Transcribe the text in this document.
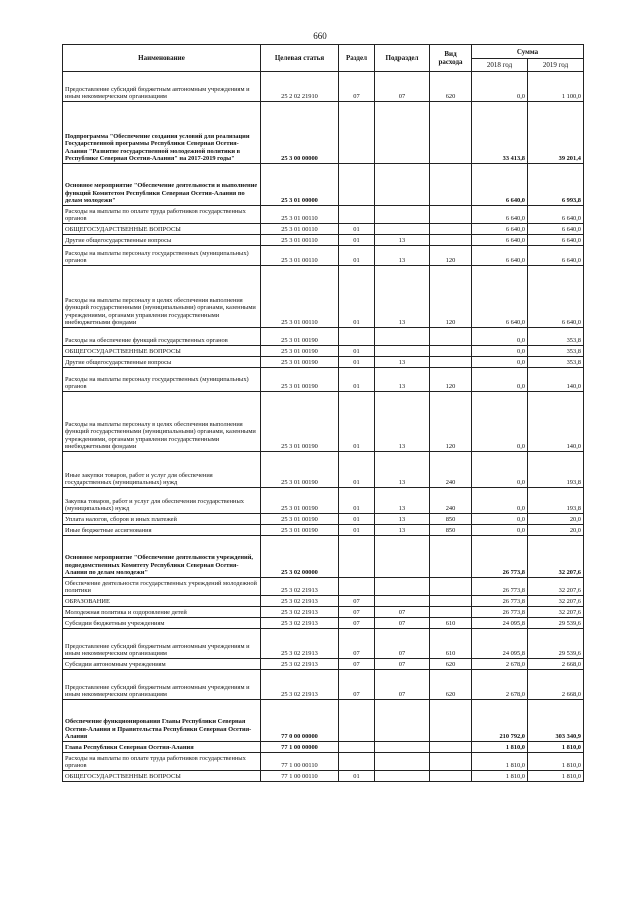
660
Наименование	Целевая статья	Раздел	Подраздел	Вид расхода	Сумма	
					2018 год	2019 год
Предоставление субсидий бюджетным автономным учреждениям и иным некоммерческим организациям	25 2 02 21910	07	07	620	0,0	1 100,0
Подпрограмма "Обеспечение создания условий для реализации Государственной программы Республики Северная Осетия-Алания "Развитие государственной молодежной политики в Республике Северная Осетия-Алания" на 2017-2019 годы"	25 3 00 00000				33 413,8	39 201,4
Основное мероприятие "Обеспечение деятельности и выполнение функций Комитетом Республики Северная Осетия-Алания по делам молодежи"	25 3 01 00000				6 640,0	6 993,8
Расходы на выплаты по оплате труда работников государственных органов	25 3 01 00110				6 640,0	6 640,0
ОБЩЕГОСУДАРСТВЕННЫЕ ВОПРОСЫ	25 3 01 00110	01			6 640,0	6 640,0
Другие общегосударственные вопросы	25 3 01 00110	01	13		6 640,0	6 640,0
Расходы на выплаты персоналу государственных (муниципальных) органов	25 3 01 00110	01	13	120	6 640,0	6 640,0
Расходы на выплаты персоналу в целях обеспечения выполнения функций государственными (муниципальными) органами, казенными учреждениями, органами управления государственными внебюджетными фондами	25 3 01 00110	01	13	120	6 640,0	6 640,0
Расходы на обеспечение функций государственных органов	25 3 01 00190				0,0	353,8
ОБЩЕГОСУДАРСТВЕННЫЕ ВОПРОСЫ	25 3 01 00190	01			0,0	353,8
Другие общегосударственные вопросы	25 3 01 00190	01	13		0,0	353,8
Расходы на выплаты персоналу государственных (муниципальных) органов	25 3 01 00190	01	13	120	0,0	140,0
Расходы на выплаты персоналу в целях обеспечения выполнения функций государственными (муниципальными) органами, казенными учреждениями, органами управления государственными внебюджетными фондами	25 3 01 00190	01	13	120	0,0	140,0
Иные закупки товаров, работ и услуг для обеспечения государственных (муниципальных) нужд	25 3 01 00190	01	13	240	0,0	193,8
Закупка товаров, работ и услуг для обеспечения государственных (муниципальных) нужд	25 3 01 00190	01	13	240	0,0	193,8
Уплата налогов, сборов и иных платежей	25 3 01 00190	01	13	850	0,0	20,0
Иные бюджетные ассигнования	25 3 01 00190	01	13	850	0,0	20,0
Основное мероприятие "Обеспечение деятельности учреждений, подведомственных Комитету Республики Северная Осетия-Алания по делам молодежи"	25 3 02 00000				26 773,8	32 207,6
Обеспечение деятельности государственных учреждений молодежной политики	25 3 02 21913				26 773,8	32 207,6
ОБРАЗОВАНИЕ	25 3 02 21913	07			26 773,8	32 207,6
Молодежная политика и оздоровление детей	25 3 02 21913	07	07		26 773,8	32 207,6
Субсидии бюджетным учреждениям	25 3 02 21913	07	07	610	24 095,8	29 539,6
Предоставление субсидий бюджетным автономным учреждениям и иным некоммерческим организациям	25 3 02 21913	07	07	610	24 095,8	29 539,6
Субсидии автономным учреждениям	25 3 02 21913	07	07	620	2 678,0	2 668,0
Предоставление субсидий бюджетным автономным учреждениям и иным некоммерческим организациям	25 3 02 21913	07	07	620	2 678,0	2 668,0
Обеспечение функционирования Главы Республики Северная Осетия-Алания и Правительства Республики Северная Осетия-Алания	77 0 00 00000				210 792,0	303 340,9
Глава Республики Северная Осетия-Алания	77 1 00 00000				1 810,0	1 810,0
Расходы на выплаты по оплате труда работников государственных органов	77 1 00 00110				1 810,0	1 810,0
ОБЩЕГОСУДАРСТВЕННЫЕ ВОПРОСЫ	77 1 00 00110	01			1 810,0	1 810,0
